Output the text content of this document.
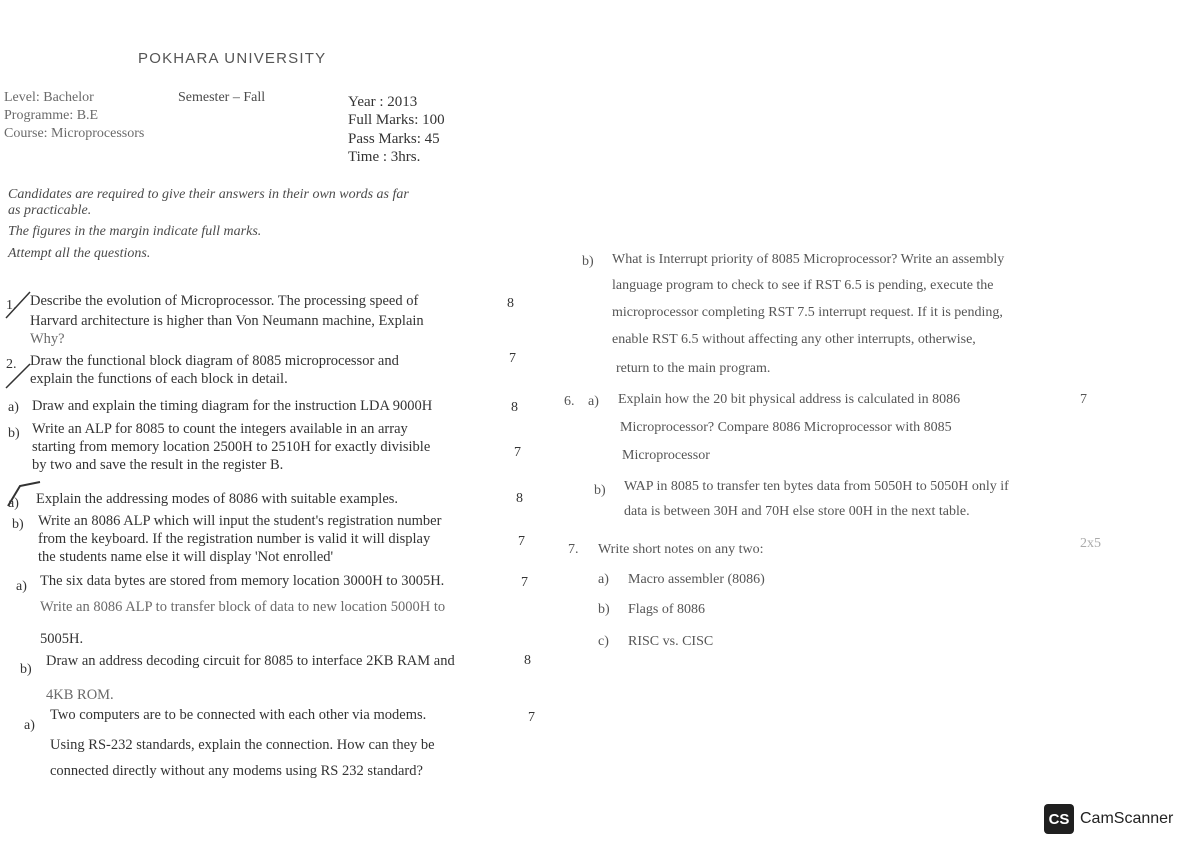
POKHARA UNIVERSITY
Level: Bachelor
Programme: B.E
Course: Microprocessors
Semester – Fall	Year : 2013
Full Marks: 100
Pass Marks: 45
Time : 3hrs.
Candidates are required to give their answers in their own words as far
as practicable.
The figures in the margin indicate full marks.
Attempt all the questions.
1. Describe the evolution of Microprocessor. The processing speed of
Harvard architecture is higher than Von Neumann machine, Explain
Why?
8
2. Draw the functional block diagram of 8085 microprocessor and
explain the functions of each block in detail.
7
a) Draw and explain the timing diagram for the instruction LDA 9000H	8
b) Write an ALP for 8085 to count the integers available in an array
starting from memory location 2500H to 2510H for exactly divisible
by two and save the result in the register B.
7
a) Explain the addressing modes of 8086 with suitable examples.	8
b) Write an 8086 ALP which will input the student's registration number
from the keyboard. If the registration number is valid it will display
the students name else it will display 'Not enrolled'
7
a) The six data bytes are stored from memory location 3000H to 3005H.
Write an 8086 ALP to transfer block of data to new location 5000H to
5005H.
7
b)
Draw an address decoding circuit for 8085 to interface 2KB RAM and
4KB ROM.
8
a)
Two computers are to be connected with each other via modems.
Using RS-232 standards, explain the connection. How can they be
connected directly without any modems using RS 232 standard?
7
b) What is Interrupt priority of 8085 Microprocessor? Write an assembly
language program to check to see if RST 6.5 is pending, execute the
microprocessor completing RST 7.5 interrupt request. If it is pending,
enable RST 6.5 without affecting any other interrupts, otherwise,
return to the main program.
6. a) Explain how the 20 bit physical address is calculated in 8086
Microprocessor? Compare 8086 Microprocessor with 8085
Microprocessor
7
b) WAP in 8085 to transfer ten bytes data from 5050H to 5050H only if
data is between 30H and 70H else store 00H in the next table.
7. Write short notes on any two:	2x5
a) Macro assembler (8086)
b) Flags of 8086
c) RISC vs. CISC
CS CamScanner
